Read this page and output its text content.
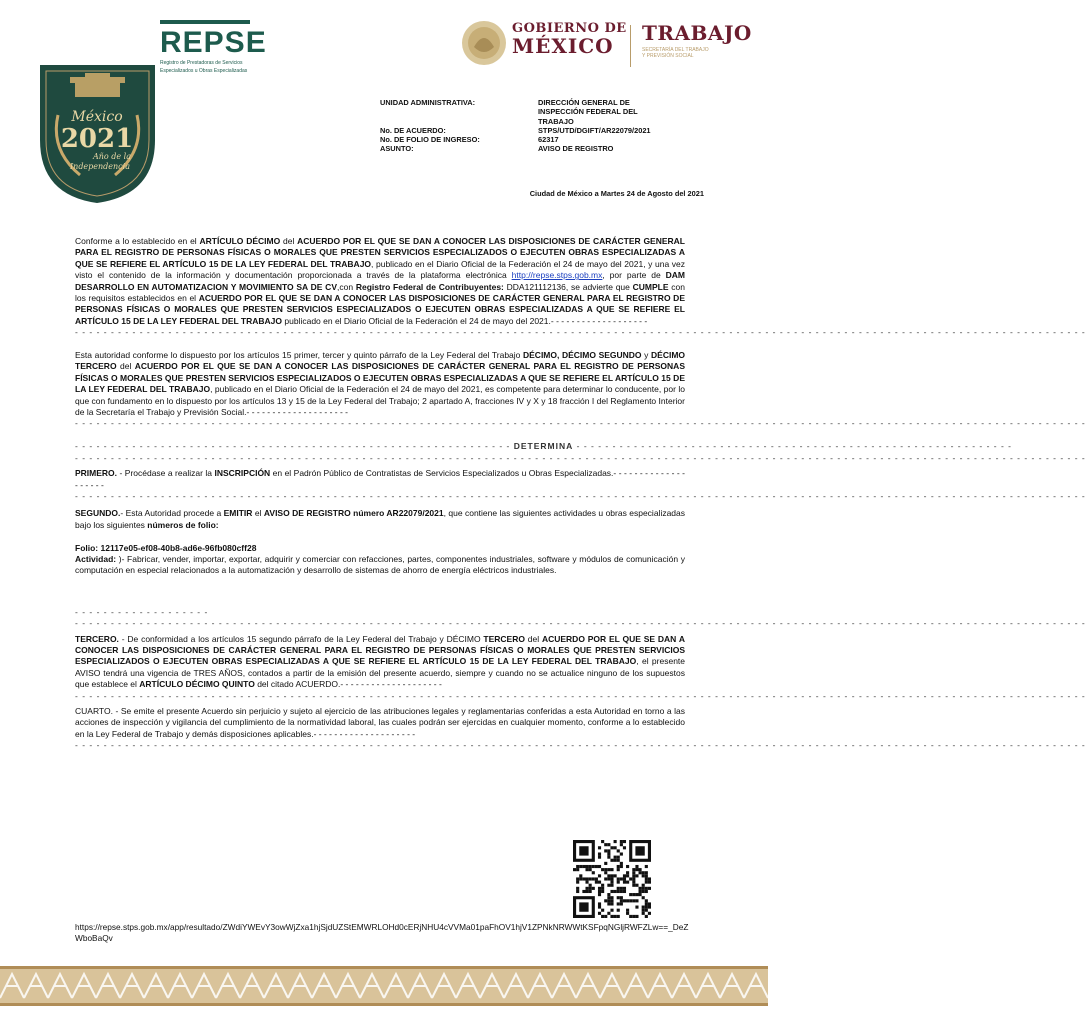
México
2021
Año de la
Independencia
REPSE
Registro de Prestadoras de Servicios
Especializados u Obras Especializadas
GOBIERNO DE
MÉXICO
TRABAJO
SECRETARÍA DEL TRABAJO
Y PREVISIÓN SOCIAL
UNIDAD ADMINISTRATIVA:	DIRECCIÓN GENERAL DE
INSPECCIÓN FEDERAL DEL
TRABAJO
No. DE ACUERDO:	STPS/UTD/DGIFT/AR22079/2021
No. DE FOLIO DE INGRESO:	62317
ASUNTO:	AVISO DE REGISTRO
Ciudad de México a Martes 24 de Agosto del 2021

Conforme a lo establecido en el ARTÍCULO DÉCIMO del ACUERDO POR EL QUE SE DAN A CONOCER LAS DISPOSICIONES DE CARÁCTER GENERAL PARA EL REGISTRO DE PERSONAS FÍSICAS O MORALES QUE PRESTEN SERVICIOS ESPECIALIZADOS O EJECUTEN OBRAS ESPECIALIZADAS A QUE SE REFIERE EL ARTÍCULO 15 DE LA LEY FEDERAL DEL TRABAJO, publicado en el Diario Oficial de la Federación el 24 de mayo del 2021, y una vez visto el contenido de la información y documentación proporcionada a través de la plataforma electrónica http://repse.stps.gob.mx, por parte de DAM DESARROLLO EN AUTOMATIZACION Y MOVIMIENTO SA DE CV,con Registro Federal de Contribuyentes: DDA121112136, se advierte que CUMPLE con los requisitos establecidos en el ACUERDO POR EL QUE SE DAN A CONOCER LAS DISPOSICIONES DE CARÁCTER GENERAL PARA EL REGISTRO DE PERSONAS FÍSICAS O MORALES QUE PRESTEN SERVICIOS ESPECIALIZADOS O EJECUTEN OBRAS ESPECIALIZADAS A QUE SE REFIERE EL ARTÍCULO 15 DE LA LEY FEDERAL DEL TRABAJO publicado en el Diario Oficial de la Federación el 24 de mayo del 2021.- - - - - - - - - - - - - - - - - - -

- - - - - - - - - - - - - - - - - - - - - - - - - - - - - - - - - - - - - - - - - - - - - - - - - - - - - - - - - - - - - - - - - - - - - - - - - - - - - - - - - - - - - - - - - - - - - - - - - - - - - - - - - - - - - - - - - - - - - - - - - - - - - - - - - - - - - - - - - - - - -

Esta autoridad conforme lo dispuesto por los artículos 15 primer, tercer y quinto párrafo de la Ley Federal del Trabajo DÉCIMO, DÉCIMO SEGUNDO y DÉCIMO TERCERO del ACUERDO POR EL QUE SE DAN A CONOCER LAS DISPOSICIONES DE CARÁCTER GENERAL PARA EL REGISTRO DE PERSONAS FÍSICAS O MORALES QUE PRESTEN SERVICIOS ESPECIALIZADOS O EJECUTEN OBRAS ESPECIALIZADAS A QUE SE REFIERE EL ARTÍCULO 15 DE LA LEY FEDERAL DEL TRABAJO, publicado en el Diario Oficial de la Federación el 24 de mayo del 2021, es competente para determinar lo conducente, por lo que con fundamento en lo dispuesto por los artículos 13 y 15 de la Ley Federal del Trabajo; 2 apartado A, fracciones IV y X y 18 fracción I del Reglamento Interior de la Secretaría el Trabajo y Previsión Social.- - - - - - - - - - - - - - - - - - - -

- - - - - - - - - - - - - - - - - - - - - - - - - - - - - - - - - - - - - - - - - - - - - - - - - - - - - - - - - - - - - - - - - - - - - - - - - - - - - - - - - - - - - - - - - - - - - - - - - - - - - - - - - - - - - - - - - - - - - - - - - - - - - - - - - - - - - - - - - - - - -
- - - - - - - - - - - - - - - - - - - - - - - - - - - - - - - - - - - - - - - - - - - - - - - - - - - - - - - - - - - - - DETERMINA - - - - - - - - - - - - - - - - - - - - - - - - - - - - - - - - - - - - - - - - - - - - - - - - - - - - - - - - - - - - -
- - - - - - - - - - - - - - - - - - - - - - - - - - - - - - - - - - - - - - - - - - - - - - - - - - - - - - - - - - - - - - - - - - - - - - - - - - - - - - - - - - - - - - - - - - - - - - - - - - - - - - - - - - - - - - - - - - - - - - - - - - - - - - - - - - - - - - - - - - - - -

PRIMERO. - Procédase a realizar la INSCRIPCIÓN en el Padrón Público de Contratistas de Servicios Especializados u Obras Especializadas.- - - - - - - - - - - - - - - - - - - -

- - - - - - - - - - - - - - - - - - - - - - - - - - - - - - - - - - - - - - - - - - - - - - - - - - - - - - - - - - - - - - - - - - - - - - - - - - - - - - - - - - - - - - - - - - - - - - - - - - - - - - - - - - - - - - - - - - - - - - - - - - - - - - - - - - - - - - - - - - - - -

SEGUNDO.- Esta Autoridad procede a EMITIR el AVISO DE REGISTRO número AR22079/2021, que contiene las siguientes actividades u obras especializadas bajo los siguientes números de folio:

Folio: 12117e05-ef08-40b8-ad6e-96fb080cff28

Actividad: )- Fabricar, vender, importar, exportar, adquirir y comerciar con refacciones, partes, componentes industriales, software y módulos de comunicación y computación en especial relacionados a la automatización y desarrollo de sistemas de ahorro de energía eléctricos industriales.

- - - - - - - - - - - - - - - - - - -
- - - - - - - - - - - - - - - - - - - - - - - - - - - - - - - - - - - - - - - - - - - - - - - - - - - - - - - - - - - - - - - - - - - - - - - - - - - - - - - - - - - - - - - - - - - - - - - - - - - - - - - - - - - - - - - - - - - - - - - - - - - - - - - - - - - - - - - - - - - - -

TERCERO. - De conformidad a los artículos 15 segundo párrafo de la Ley Federal del Trabajo y DÉCIMO TERCERO del ACUERDO POR EL QUE SE DAN A CONOCER LAS DISPOSICIONES DE CARÁCTER GENERAL PARA EL REGISTRO DE PERSONAS FÍSICAS O MORALES QUE PRESTEN SERVICIOS ESPECIALIZADOS O EJECUTEN OBRAS ESPECIALIZADAS A QUE SE REFIERE EL ARTÍCULO 15 DE LA LEY FEDERAL DEL TRABAJO, el presente AVISO tendrá una vigencia de TRES AÑOS, contados a partir de la emisión del presente acuerdo, siempre y cuando no se actualice ninguno de los supuestos que establece el ARTÍCULO DÉCIMO QUINTO del citado ACUERDO.- - - - - - - - - - - - - - - - - - - -

- - - - - - - - - - - - - - - - - - - - - - - - - - - - - - - - - - - - - - - - - - - - - - - - - - - - - - - - - - - - - - - - - - - - - - - - - - - - - - - - - - - - - - - - - - - - - - - - - - - - - - - - - - - - - - - - - - - - - - - - - - - - - - - - - - - - - - - - - - - - -

CUARTO. - Se emite el presente Acuerdo sin perjuicio y sujeto al ejercicio de las atribuciones legales y reglamentarias conferidas a esta Autoridad en torno a las acciones de inspección y vigilancia del cumplimiento de la normatividad laboral, las cuales podrán ser ejercidas en cualquier momento, conforme a lo establecido en la Ley Federal de Trabajo y demás disposiciones aplicables.- - - - - - - - - - - - - - - - - - - -

- - - - - - - - - - - - - - - - - - - - - - - - - - - - - - - - - - - - - - - - - - - - - - - - - - - - - - - - - - - - - - - - - - - - - - - - - - - - - - - - - - - - - - - - - - - - - - - - - - - - - - - - - - - - - - - - - - - - - - - - - - - - - - - - - - - - - - - - - - - - -
https://repse.stps.gob.mx/app/resultado/ZWdiYWEvY3owWjZxa1hjSjdUZStEMWRLOHd0cERjNHU4cVVMa01paFhOV1hjV1ZPNkNRWWtKSFpqNGljRWFZLw==_DeZWboBaQv
